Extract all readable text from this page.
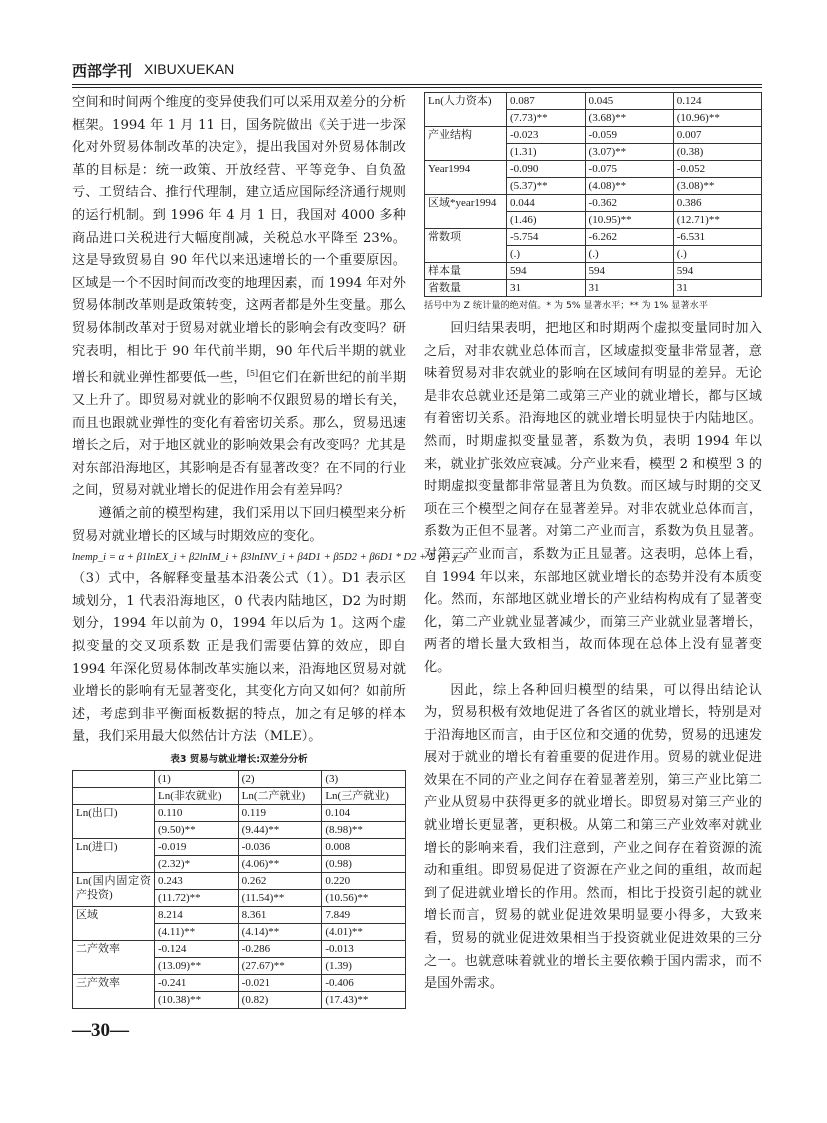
西部学刊 XIBUXUEKAN

空间和时间两个维度的变异使我们可以采用双差分的分析框架。1994 年 1 月 11 日，国务院做出《关于进一步深化对外贸易体制改革的决定》，提出我国对外贸易体制改革的目标是：统一政策、开放经营、平等竞争、自负盈亏、工贸结合、推行代理制，建立适应国际经济通行规则的运行机制。到 1996 年 4 月 1 日，我国对 4000 多种商品进口关税进行大幅度削减，关税总水平降至 23%。这是导致贸易自 90 年代以来迅速增长的一个重要原因。区域是一个不因时间而改变的地理因素，而 1994 年对外贸易体制改革则是政策转变，这两者都是外生变量。那么贸易体制改革对于贸易对就业增长的影响会有改变吗？研究表明，相比于 90 年代前半期，90 年代后半期的就业增长和就业弹性都要低一些，[5]但它们在新世纪的前半期又上升了。即贸易对就业的影响不仅跟贸易的增长有关，而且也跟就业弹性的变化有着密切关系。那么，贸易迅速增长之后，对于地区就业的影响效果会有改变吗？尤其是对东部沿海地区，其影响是否有显著改变？在不同的行业之间，贸易对就业增长的促进作用会有差异吗？

遵循之前的模型构建，我们采用以下回归模型来分析贸易对就业增长的区域与时期效应的变化。

lnemp_i = α + β1lnEX_i + β2lnIM_i + β3lnINV_i + β4D1 + β5D2 + β6D1 * D2 + Σ γ_i χ_i

（3）式中，各解释变量基本沿袭公式（1）。D1 表示区域划分，1 代表沿海地区，0 代表内陆地区，D2 为时期划分，1994 年以前为 0，1994 年以后为 1。这两个虚拟变量的交叉项系数 正是我们需要估算的效应，即自 1994 年深化贸易体制改革实施以来，沿海地区贸易对就业增长的影响有无显著变化，其变化方向又如何？如前所述，考虑到非平衡面板数据的特点，加之有足够的样本量，我们采用最大似然估计方法（MLE）。

表3 贸易与就业增长:双差分分析
	(1)	(2)	(3)
	Ln(非农就业)	Ln(二产就业)	Ln(三产就业)
Ln(出口)	0.110	0.119	0.104
	(9.50)**	(9.44)**	(8.98)**
Ln(进口)	-0.019	-0.036	0.008
	(2.32)*	(4.06)**	(0.98)
Ln(国内固定资产投资)	0.243	0.262	0.220
	(11.72)**	(11.54)**	(10.56)**
区域	8.214	8.361	7.849
	(4.11)**	(4.14)**	(4.01)**
二产效率	-0.124	-0.286	-0.013
	(13.09)**	(27.67)**	(1.39)
三产效率	-0.241	-0.021	-0.406
	(10.38)**	(0.82)	(17.43)**
Ln(人力资本)	0.087	0.045	0.124
	(7.73)**	(3.68)**	(10.96)**
产业结构	-0.023	-0.059	0.007
	(1.31)	(3.07)**	(0.38)
Year1994	-0.090	-0.075	-0.052
	(5.37)**	(4.08)**	(3.08)**
区域*year1994	0.044	-0.362	0.386
	(1.46)	(10.95)**	(12.71)**
常数项	-5.754	-6.262	-6.531
	(.)	(.)	(.)
样本量	594	594	594
省数量	31	31	31
括号中为 Z 统计量的绝对值。* 为 5% 显著水平；** 为 1% 显著水平

回归结果表明，把地区和时期两个虚拟变量同时加入之后，对非农就业总体而言，区域虚拟变量非常显著，意味着贸易对非农就业的影响在区域间有明显的差异。无论是非农总就业还是第二或第三产业的就业增长，都与区域有着密切关系。沿海地区的就业增长明显快于内陆地区。然而，时期虚拟变量显著，系数为负，表明 1994 年以来，就业扩张效应衰减。分产业来看，模型 2 和模型 3 的时期虚拟变量都非常显著且为负数。而区域与时期的交叉项在三个模型之间存在显著差异。对非农就业总体而言，系数为正但不显著。对第二产业而言，系数为负且显著。对第三产业而言，系数为正且显著。这表明，总体上看，自 1994 年以来，东部地区就业增长的态势并没有本质变化。然而，东部地区就业增长的产业结构构成有了显著变化，第二产业就业显著减少，而第三产业就业显著增长，两者的增长量大致相当，故而体现在总体上没有显著变化。

因此，综上各种回归模型的结果，可以得出结论认为，贸易积极有效地促进了各省区的就业增长，特别是对于沿海地区而言，由于区位和交通的优势，贸易的迅速发展对于就业的增长有着重要的促进作用。贸易的就业促进效果在不同的产业之间存在着显著差别，第三产业比第二产业从贸易中获得更多的就业增长。即贸易对第三产业的就业增长更显著，更积极。从第二和第三产业效率对就业增长的影响来看，我们注意到，产业之间存在着资源的流动和重组。即贸易促进了资源在产业之间的重组，故而起到了促进就业增长的作用。然而，相比于投资引起的就业增长而言，贸易的就业促进效果明显要小得多，大致来看，贸易的就业促进效果相当于投资就业促进效果的三分之一。也就意味着就业的增长主要依赖于国内需求，而不是国外需求。

—30—
